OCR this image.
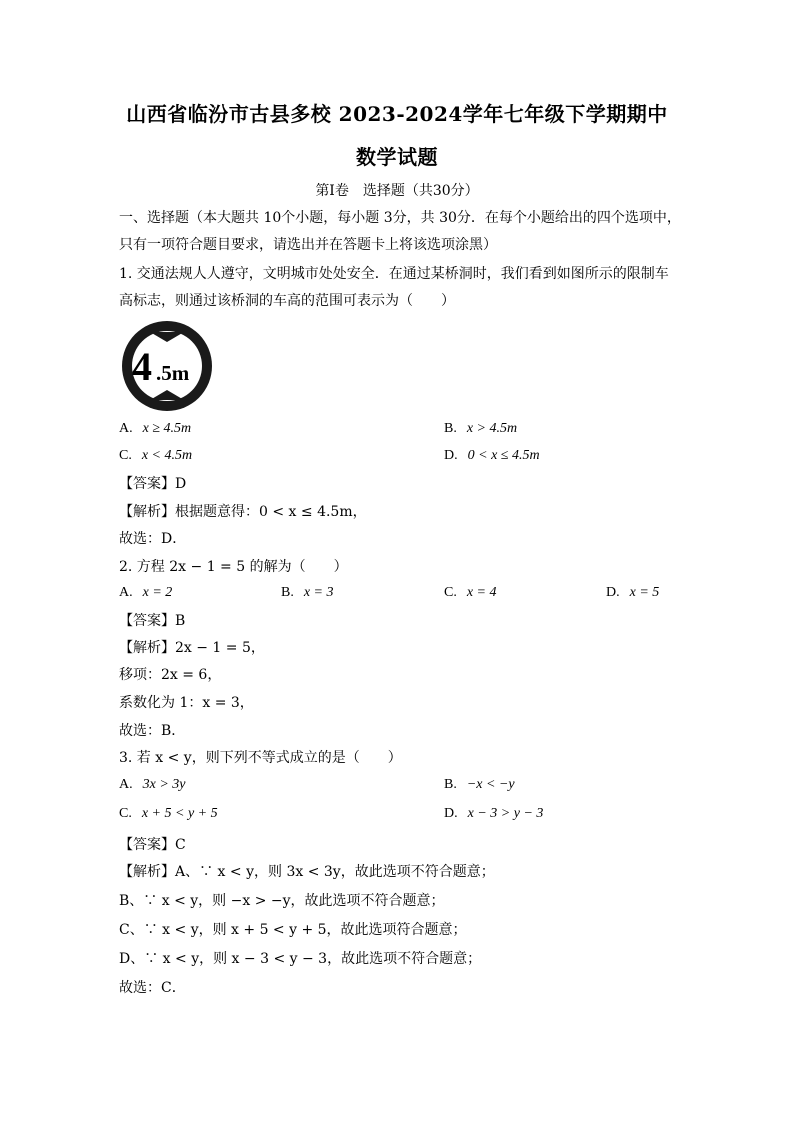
山西省临汾市古县多校 2023-2024学年七年级下学期期中
数学试题
第I卷　选择题（共30分）
一、选择题（本大题共 10个小题，每小题 3分，共 30分．在每个小题给出的四个选项中，
只有一项符合题目要求，请选出并在答题卡上将该选项涂黑）
1. 交通法规人人遵守，文明城市处处安全．在通过某桥洞时，我们看到如图所示的限制车
高标志，则通过该桥洞的车高的范围可表示为（　　）
4 .5m
A. x ≥ 4.5m	B. x > 4.5m
C. x < 4.5m	D. 0 < x ≤ 4.5m
【答案】D
【解析】根据题意得：0 < x ≤ 4.5m，
故选：D．
2. 方程 2x − 1 = 5 的解为（　　）
A. x = 2	B. x = 3	C. x = 4	D. x = 5
【答案】B
【解析】2x − 1 = 5，
移项：2x = 6，
系数化为 1：x = 3，
故选：B．
3. 若 x < y，则下列不等式成立的是（　　）
A. 3x > 3y	B. −x < −y
C. x + 5 < y + 5	D. x − 3 > y − 3
【答案】C
【解析】A、∵ x < y，则 3x < 3y，故此选项不符合题意；
B、∵ x < y，则 −x > −y，故此选项不符合题意；
C、∵ x < y，则 x + 5 < y + 5，故此选项符合题意；
D、∵ x < y，则 x − 3 < y − 3，故此选项不符合题意；
故选：C．
